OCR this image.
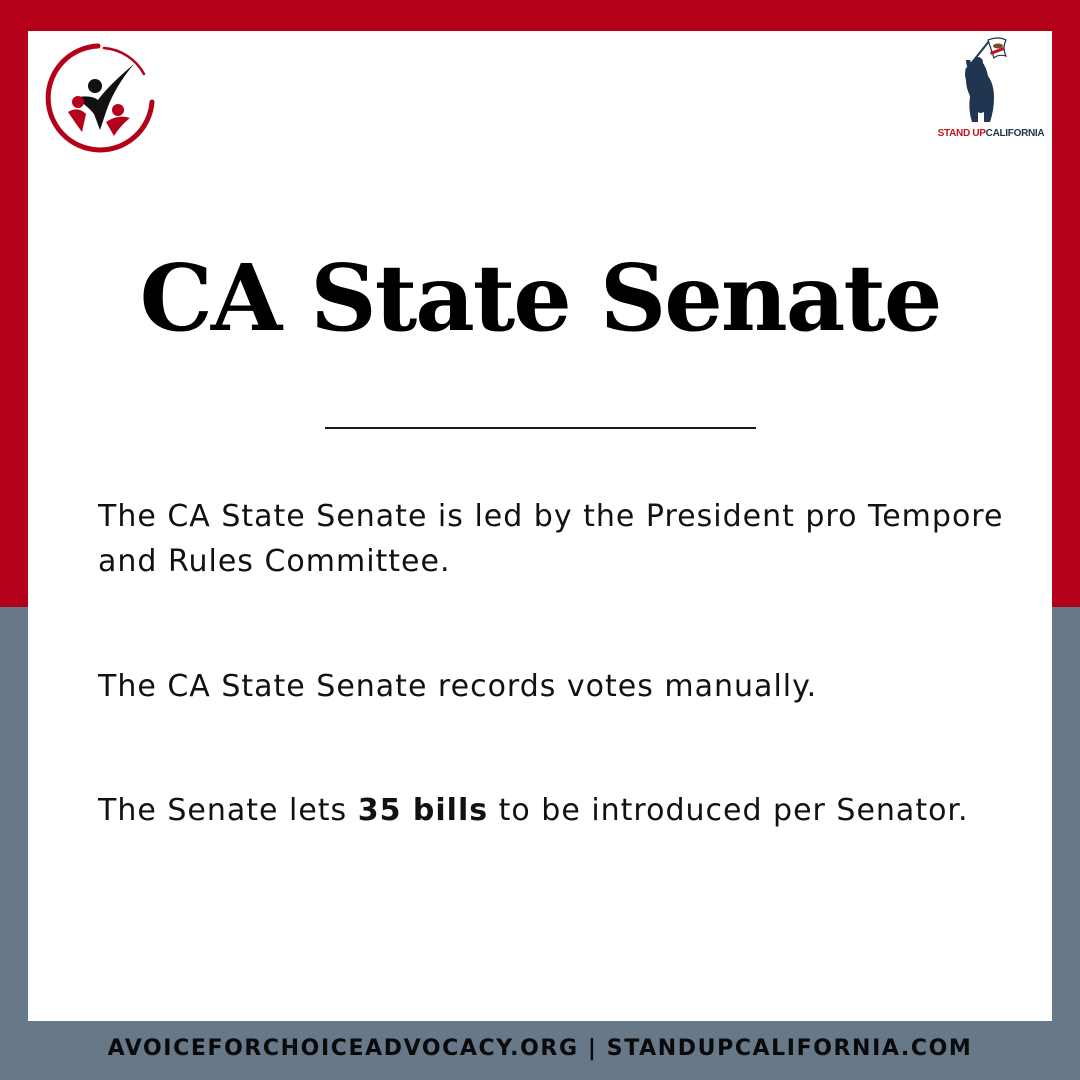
STAND UPCALIFORNIA
CA State Senate

The CA State Senate is led by the President pro Tempore and Rules Committee.

The CA State Senate records votes manually.

The Senate lets 35 bills to be introduced per Senator.

AVOICEFORCHOICEADVOCACY.ORG | STANDUPCALIFORNIA.COM
